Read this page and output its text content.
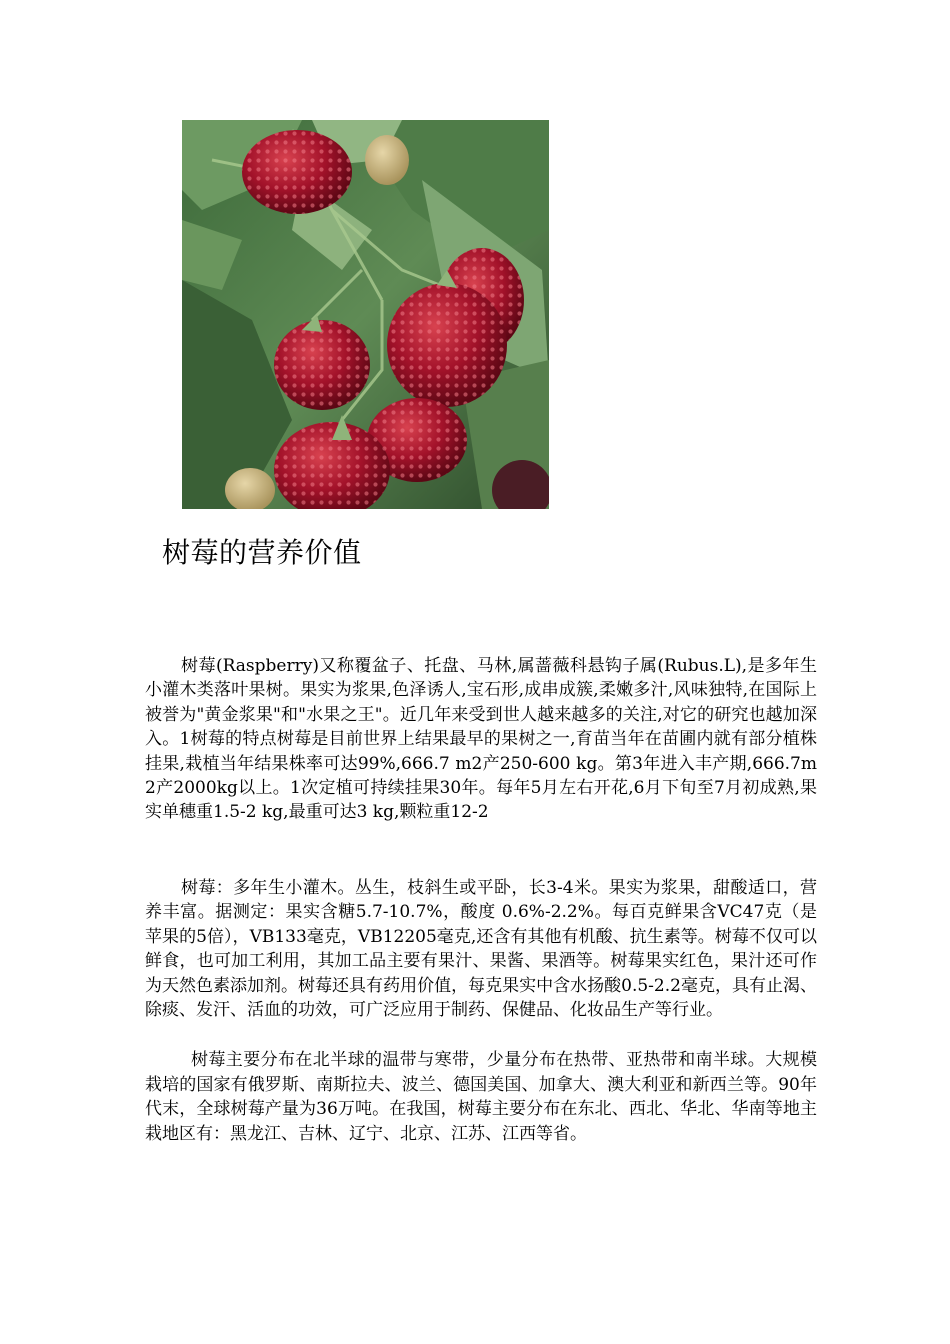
树莓的营养价值

树莓(Raspberry)又称覆盆子、托盘、马林,属蔷薇科悬钩子属(Rubus.L),是多年生小灌木类落叶果树。果实为浆果,色泽诱人,宝石形,成串成簇,柔嫩多汁,风味独特,在国际上被誉为"黄金浆果"和"水果之王"。近几年来受到世人越来越多的关注,对它的研究也越加深入。1树莓的特点树莓是目前世界上结果最早的果树之一,育苗当年在苗圃内就有部分植株挂果,栽植当年结果株率可达99%,666.7 m2产250-600 kg。第3年进入丰产期,666.7m2产2000kg以上。1次定植可持续挂果30年。每年5月左右开花,6月下旬至7月初成熟,果实单穗重1.5-2 kg,最重可达3 kg,颗粒重12-2

树莓：多年生小灌木。丛生，枝斜生或平卧，长3-4米。果实为浆果，甜酸适口，营养丰富。据测定：果实含糖5.7-10.7%，酸度 0.6%-2.2%。每百克鲜果含VC47克（是苹果的5倍），VB133毫克，VB12205毫克,还含有其他有机酸、抗生素等。树莓不仅可以鲜食，也可加工利用，其加工品主要有果汁、果酱、果酒等。树莓果实红色，果汁还可作为天然色素添加剂。树莓还具有药用价值，每克果实中含水扬酸0.5-2.2毫克，具有止渴、除痰、发汗、活血的功效，可广泛应用于制药、保健品、化妆品生产等行业。

树莓主要分布在北半球的温带与寒带，少量分布在热带、亚热带和南半球。大规模栽培的国家有俄罗斯、南斯拉夫、波兰、德国美国、加拿大、澳大利亚和新西兰等。90年代末，全球树莓产量为36万吨。在我国，树莓主要分布在东北、西北、华北、华南等地主栽地区有：黑龙江、吉林、辽宁、北京、江苏、江西等省。
